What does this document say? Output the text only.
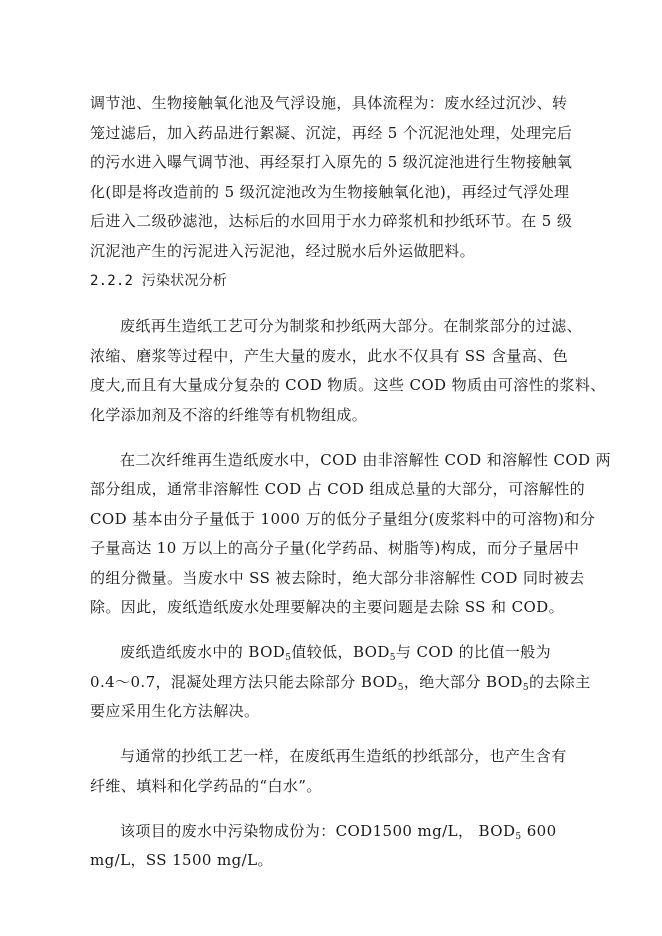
调节池、生物接触氧化池及气浮设施，具体流程为：废水经过沉沙、转
笼过滤后，加入药品进行絮凝、沉淀，再经 5 个沉泥池处理，处理完后
的污水进入曝气调节池、再经泵打入原先的 5 级沉淀池进行生物接触氧
化(即是将改造前的 5 级沉淀池改为生物接触氧化池)，再经过气浮处理
后进入二级砂滤池，达标后的水回用于水力碎浆机和抄纸环节。在 5 级
沉泥池产生的污泥进入污泥池，经过脱水后外运做肥料。
2.2.2 污染状况分析
废纸再生造纸工艺可分为制浆和抄纸两大部分。在制浆部分的过滤、
浓缩、磨浆等过程中，产生大量的废水，此水不仅具有 SS 含量高、色
度大,而且有大量成分复杂的 COD 物质。这些 COD 物质由可溶性的浆料、
化学添加剂及不溶的纤维等有机物组成。
在二次纤维再生造纸废水中，COD 由非溶解性 COD 和溶解性 COD 两
部分组成，通常非溶解性 COD 占 COD 组成总量的大部分，可溶解性的
COD 基本由分子量低于 1000 万的低分子量组分(废浆料中的可溶物)和分
子量高达 10 万以上的高分子量(化学药品、树脂等)构成，而分子量居中
的组分微量。当废水中 SS 被去除时，绝大部分非溶解性 COD 同时被去
除。因此，废纸造纸废水处理要解决的主要问题是去除 SS 和 COD。
废纸造纸废水中的 $BOD_5$值较低，$BOD_5$与 COD 的比值一般为
0.4～0.7，混凝处理方法只能去除部分 $BOD_5$，绝大部分 $BOD_5$的去除主
要应采用生化方法解决。
与通常的抄纸工艺一样，在废纸再生造纸的抄纸部分，也产生含有
纤维、填料和化学药品的“白水”。
该项目的废水中污染物成份为：COD1500 mg/L， $BOD_5$ 600
mg/L，SS 1500 mg/L。
